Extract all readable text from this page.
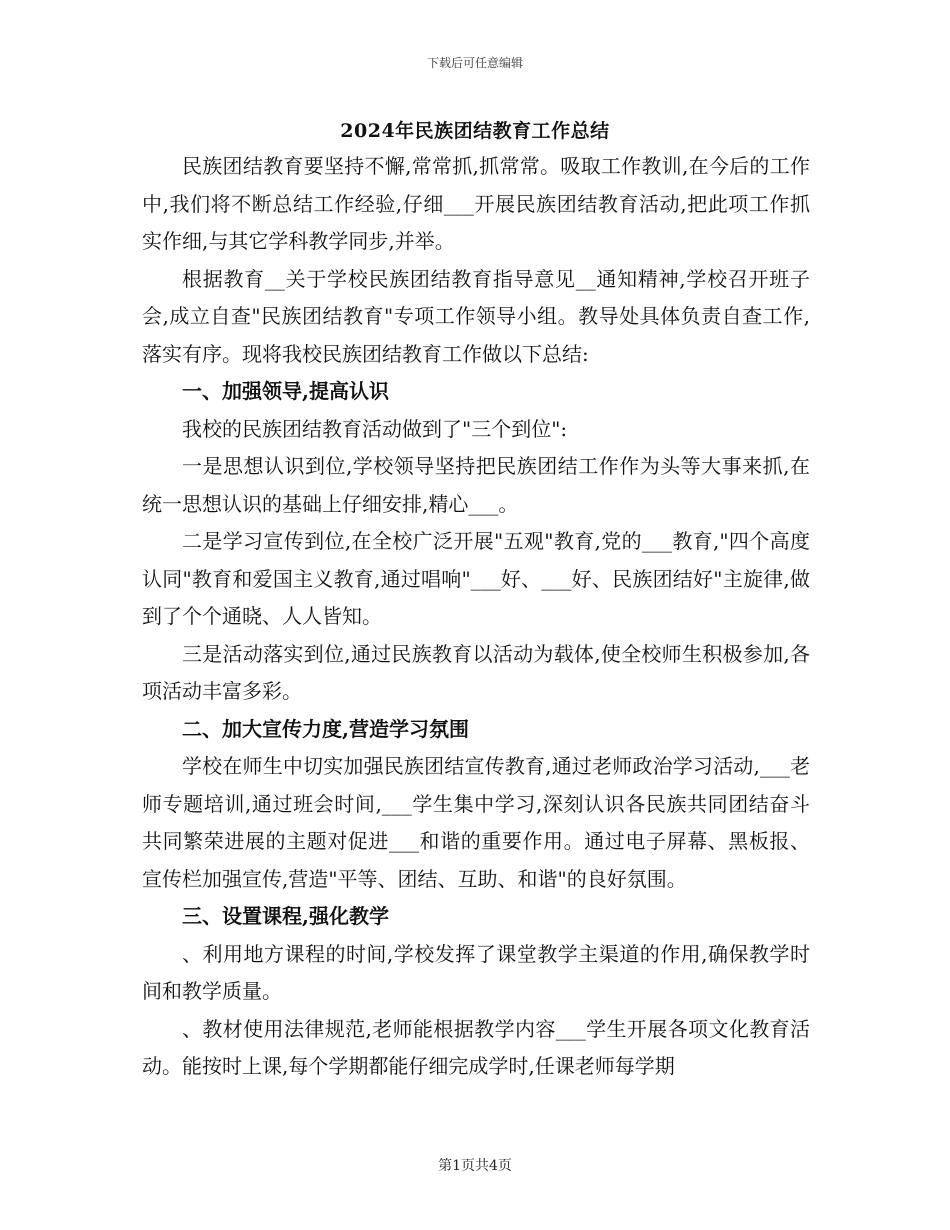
下载后可任意编辑
2024年民族团结教育工作总结

民族团结教育要坚持不懈,常常抓,抓常常。吸取工作教训,在今后的工作中,我们将不断总结工作经验,仔细___开展民族团结教育活动,把此项工作抓实作细,与其它学科教学同步,并举。

根据教育__关于学校民族团结教育指导意见__通知精神,学校召开班子会,成立自查"民族团结教育"专项工作领导小组。教导处具体负责自查工作,落实有序。现将我校民族团结教育工作做以下总结:

一、加强领导,提高认识

我校的民族团结教育活动做到了"三个到位":

一是思想认识到位,学校领导坚持把民族团结工作作为头等大事来抓,在统一思想认识的基础上仔细安排,精心___。

二是学习宣传到位,在全校广泛开展"五观"教育,党的___教育,"四个高度认同"教育和爱国主义教育,通过唱响"___好、___好、民族团结好"主旋律,做到了个个通晓、人人皆知。

三是活动落实到位,通过民族教育以活动为载体,使全校师生积极参加,各项活动丰富多彩。

二、加大宣传力度,营造学习氛围

学校在师生中切实加强民族团结宣传教育,通过老师政治学习活动,___老师专题培训,通过班会时间,___学生集中学习,深刻认识各民族共同团结奋斗共同繁荣进展的主题对促进___和谐的重要作用。通过电子屏幕、黑板报、宣传栏加强宣传,营造"平等、团结、互助、和谐"的良好氛围。

三、设置课程,强化教学

、利用地方课程的时间,学校发挥了课堂教学主渠道的作用,确保教学时间和教学质量。

、教材使用法律规范,老师能根据教学内容___学生开展各项文化教育活动。能按时上课,每个学期都能仔细完成学时,任课老师每学期

第1页共4页
